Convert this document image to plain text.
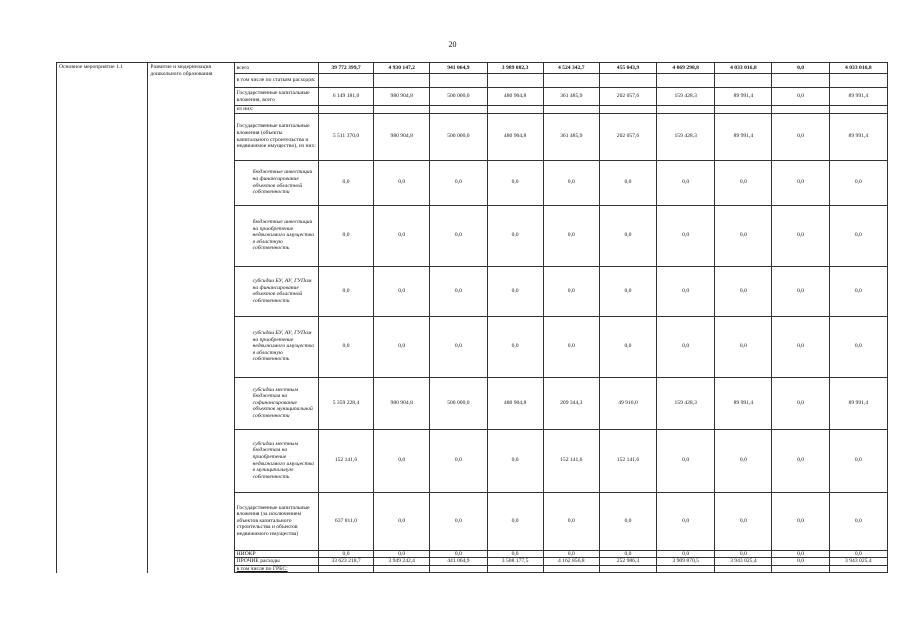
20
Основное мероприятие 1.1	Развитие и модернизация дошкольного образования	всего	39 772 399,7	4 930 147,2	941 064,9	3 989 082,3	4 524 342,7	455 043,9	4 069 298,8	4 033 016,8	0,0	4 033 016,8
		в том числе по статьям расходов:										
		Государственные капитальные вложения, всего	6 149 181,0	980 904,8	500 000,0	480 904,8	361 485,9	202 057,6	159 428,3	89 991,4	0,0	89 991,4
		из них:										
		Государственные капитальные вложения (объекты капитального строительства и недвижимое имущество), из них:	5 511 370,0	980 904,8	500 000,0	480 904,8	361 485,9	202 057,6	159 428,3	89 991,4	0,0	89 991,4
		бюджетные инвестиции на финансирование объектов областной собственности	0,0	0,0	0,0	0,0	0,0	0,0	0,0	0,0	0,0	0,0
		бюджетные инвестиции на приобретение недвижимого имущества в областную собственность	0,0	0,0	0,0	0,0	0,0	0,0	0,0	0,0	0,0	0,0
		субсидии БУ, АУ, ГУПам на финансирование объектов областной собственности	0,0	0,0	0,0	0,0	0,0	0,0	0,0	0,0	0,0	0,0
		субсидии БУ, АУ, ГУПам на приобретение недвижимого имущества в областную собственность	0,0	0,0	0,0	0,0	0,0	0,0	0,0	0,0	0,0	0,0
		субсидии местным бюджетам на софинансирование объектов муниципальной собственности	5 359 228,4	980 904,8	500 000,0	480 904,8	209 344,3	49 916,0	159 428,3	89 991,4	0,0	89 991,4
		субсидии местным бюджетам на приобретение недвижимого имущества в муниципальную собственность	152 141,6	0,0	0,0	0,0	152 141,6	152 141,6	0,0	0,0	0,0	0,0
		Государственные капитальные вложения (за исключением объектов капитального строительства и объектов недвижимого имущества)	637 811,0	0,0	0,0	0,0	0,0	0,0	0,0	0,0	0,0	0,0
		НИОКР	0,0	0,0	0,0	0,0	0,0	0,0	0,0	0,0	0,0	0,0
		ПРОЧИЕ расходы	33 623 218,7	3 949 242,4	441 064,9	3 508 177,5	4 162 856,8	252 986,3	3 909 870,5	3 943 025,4	0,0	3 943 025,4
		в том числе по ГРБС:										
